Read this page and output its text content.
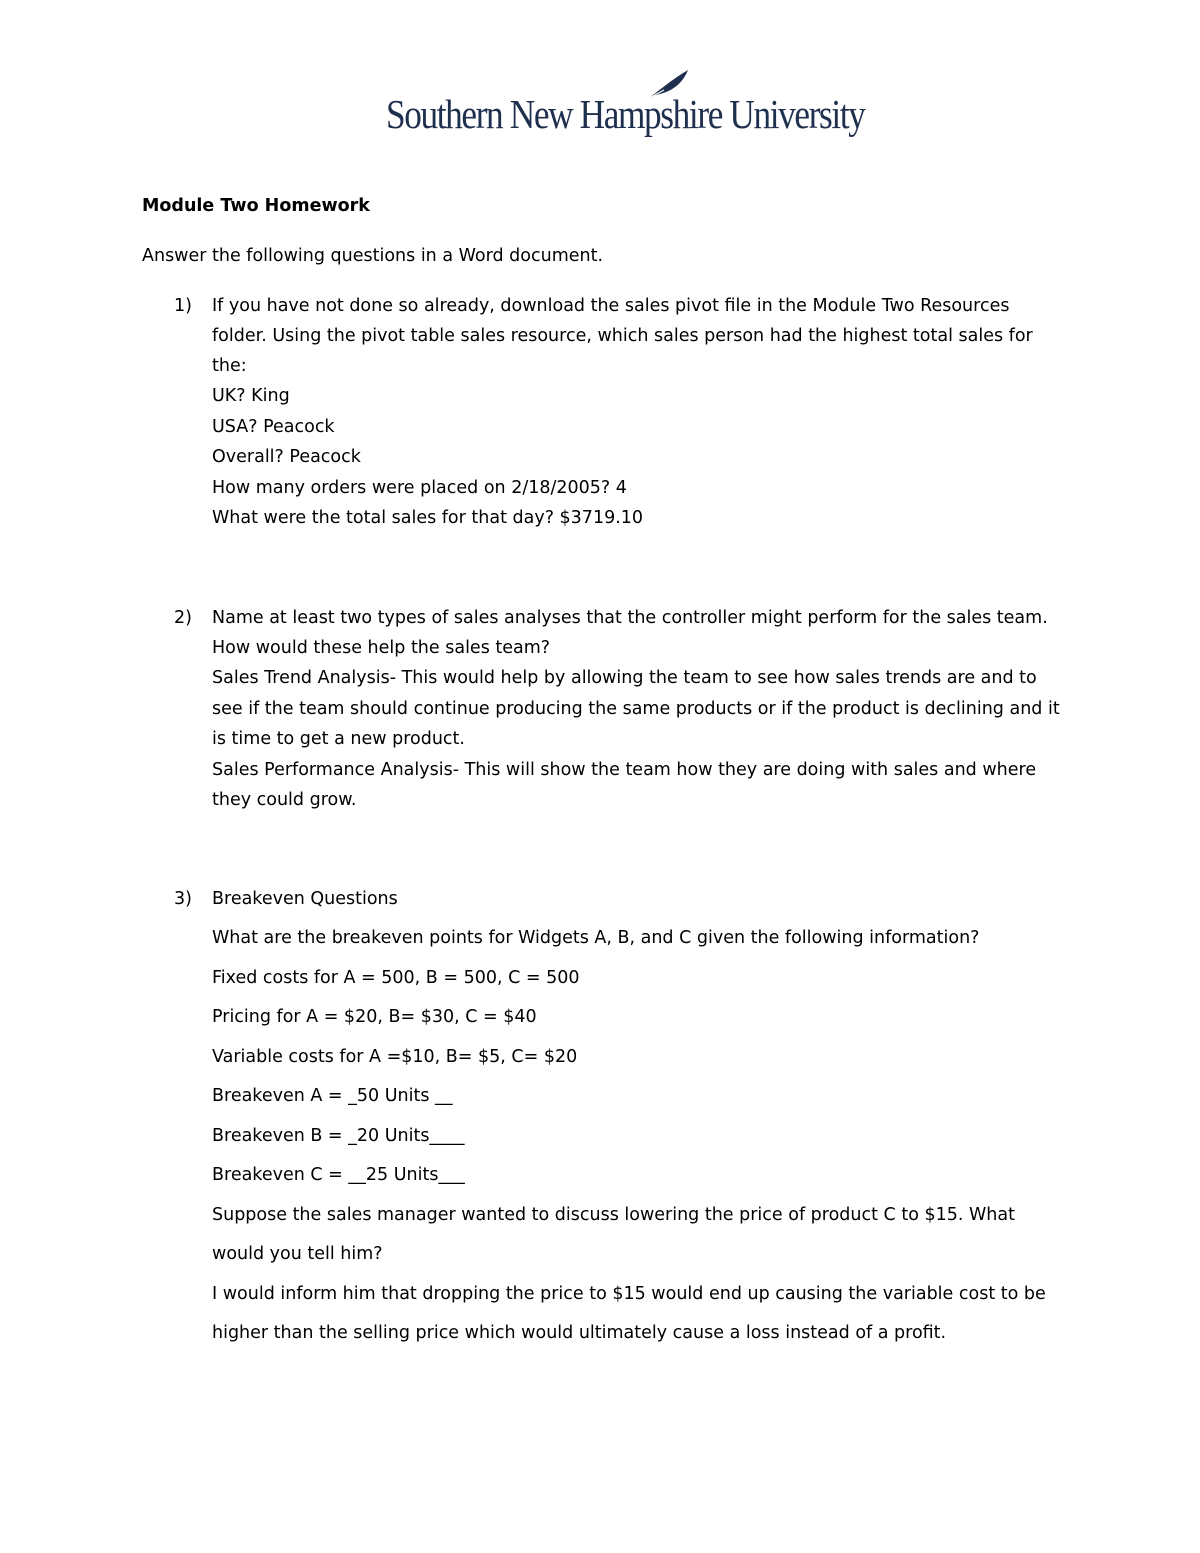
Southern New Hampshire University
Module Two Homework
Answer the following questions in a Word document.
1) If you have not done so already, download the sales pivot file in the Module Two Resources
folder. Using the pivot table sales resource, which sales person had the highest total sales for
the:
UK? King
USA? Peacock
Overall? Peacock
How many orders were placed on 2/18/2005? 4
What were the total sales for that day? $3719.10
2) Name at least two types of sales analyses that the controller might perform for the sales team.
How would these help the sales team?
Sales Trend Analysis- This would help by allowing the team to see how sales trends are and to
see if the team should continue producing the same products or if the product is declining and it
is time to get a new product.
Sales Performance Analysis- This will show the team how they are doing with sales and where
they could grow.
3) Breakeven Questions
What are the breakeven points for Widgets A, B, and C given the following information?
Fixed costs for A = 500, B = 500, C = 500
Pricing for A = $20, B= $30, C = $40
Variable costs for A =$10, B= $5, C= $20
Breakeven A = _50 Units __
Breakeven B = _20 Units____
Breakeven C = __25 Units___
Suppose the sales manager wanted to discuss lowering the price of product C to $15. What
would you tell him?
I would inform him that dropping the price to $15 would end up causing the variable cost to be
higher than the selling price which would ultimately cause a loss instead of a profit.
